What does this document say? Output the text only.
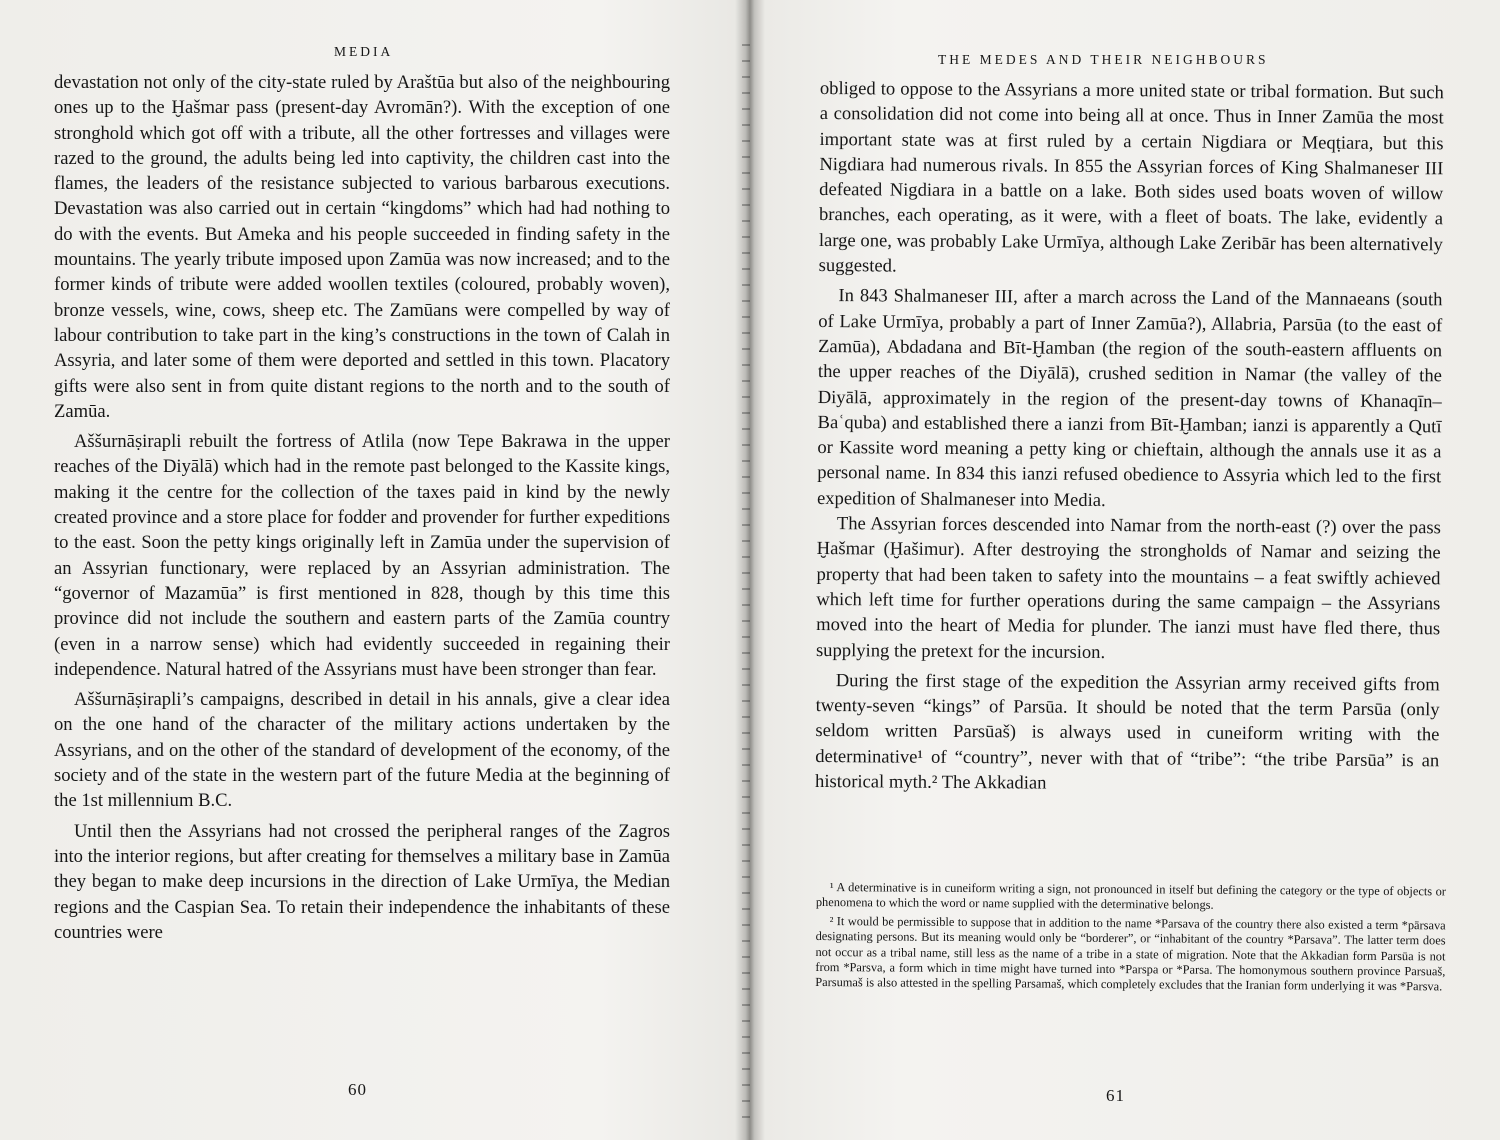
MEDIA

devastation not only of the city-state ruled by Araštūa but also of the neighbouring ones up to the Ḫašmar pass (present-day Avromān?). With the exception of one stronghold which got off with a tribute, all the other fortresses and villages were razed to the ground, the adults being led into captivity, the children cast into the flames, the leaders of the resistance subjected to various barbarous executions. Devastation was also carried out in certain “kingdoms” which had had nothing to do with the events. But Ameka and his people succeeded in finding safety in the mountains. The yearly tribute imposed upon Zamūa was now increased; and to the former kinds of tribute were added woollen textiles (coloured, probably woven), bronze vessels, wine, cows, sheep etc. The Zamūans were compelled by way of labour contribution to take part in the king’s constructions in the town of Calah in Assyria, and later some of them were deported and settled in this town. Placatory gifts were also sent in from quite distant regions to the north and to the south of Zamūa.

Aššurnāṣirapli rebuilt the fortress of Atlila (now Tepe Bakrawa in the upper reaches of the Diyālā) which had in the remote past belonged to the Kassite kings, making it the centre for the collection of the taxes paid in kind by the newly created province and a store place for fodder and provender for further expeditions to the east. Soon the petty kings originally left in Zamūa under the supervision of an Assyrian functionary, were replaced by an Assyrian administration. The “governor of Mazamūa” is first mentioned in 828, though by this time this province did not include the southern and eastern parts of the Zamūa country (even in a narrow sense) which had evidently succeeded in regaining their independence. Natural hatred of the Assyrians must have been stronger than fear.

Aššurnāṣirapli’s campaigns, described in detail in his annals, give a clear idea on the one hand of the character of the military actions undertaken by the Assyrians, and on the other of the standard of development of the economy, of the society and of the state in the western part of the future Media at the beginning of the 1st millennium B.C.

Until then the Assyrians had not crossed the peripheral ranges of the Zagros into the interior regions, but after creating for themselves a military base in Zamūa they began to make deep incursions in the direction of Lake Urmīya, the Median regions and the Caspian Sea. To retain their independence the inhabitants of these countries were

60
THE MEDES AND THEIR NEIGHBOURS

obliged to oppose to the Assyrians a more united state or tribal formation. But such a consolidation did not come into being all at once. Thus in Inner Zamūa the most important state was at first ruled by a certain Nigdiara or Meqṭiara, but this Nigdiara had numerous rivals. In 855 the Assyrian forces of King Shalmaneser III defeated Nigdiara in a battle on a lake. Both sides used boats woven of willow branches, each operating, as it were, with a fleet of boats. The lake, evidently a large one, was probably Lake Urmīya, although Lake Zeribār has been alternatively suggested.

In 843 Shalmaneser III, after a march across the Land of the Mannaeans (south of Lake Urmīya, probably a part of Inner Zamūa?), Allabria, Parsūa (to the east of Zamūa), Abdadana and Bīt-Ḫamban (the region of the south-eastern affluents on the upper reaches of the Diyālā), crushed sedition in Namar (the valley of the Diyālā, approximately in the region of the present-day towns of Khanaqīn–Baʿquba) and established there a ianzi from Bīt-Ḫamban; ianzi is apparently a Qutī or Kassite word meaning a petty king or chieftain, although the annals use it as a personal name. In 834 this ianzi refused obedience to Assyria which led to the first expedition of Shalmaneser into Media.

The Assyrian forces descended into Namar from the north-east (?) over the pass Ḫašmar (Ḫašimur). After destroying the strongholds of Namar and seizing the property that had been taken to safety into the mountains – a feat swiftly achieved which left time for further operations during the same campaign – the Assyrians moved into the heart of Media for plunder. The ianzi must have fled there, thus supplying the pretext for the incursion.

During the first stage of the expedition the Assyrian army received gifts from twenty-seven “kings” of Parsūa. It should be noted that the term Parsūa (only seldom written Parsūaš) is always used in cuneiform writing with the determinative¹ of “country”, never with that of “tribe”: “the tribe Parsūa” is an historical myth.² The Akkadian

¹ A determinative is in cuneiform writing a sign, not pronounced in itself but defining the category or the type of objects or phenomena to which the word or name supplied with the determinative belongs.

² It would be permissible to suppose that in addition to the name *Parsava of the country there also existed a term *pārsava designating persons. But its meaning would only be “borderer”, or “inhabitant of the country *Parsava”. The latter term does not occur as a tribal name, still less as the name of a tribe in a state of migration. Note that the Akkadian form Parsūa is not from *Parsva, a form which in time might have turned into *Parspa or *Parsa. The homonymous southern province Parsuaš, Parsumaš is also attested in the spelling Parsamaš, which completely excludes that the Iranian form underlying it was *Parsva.

61
